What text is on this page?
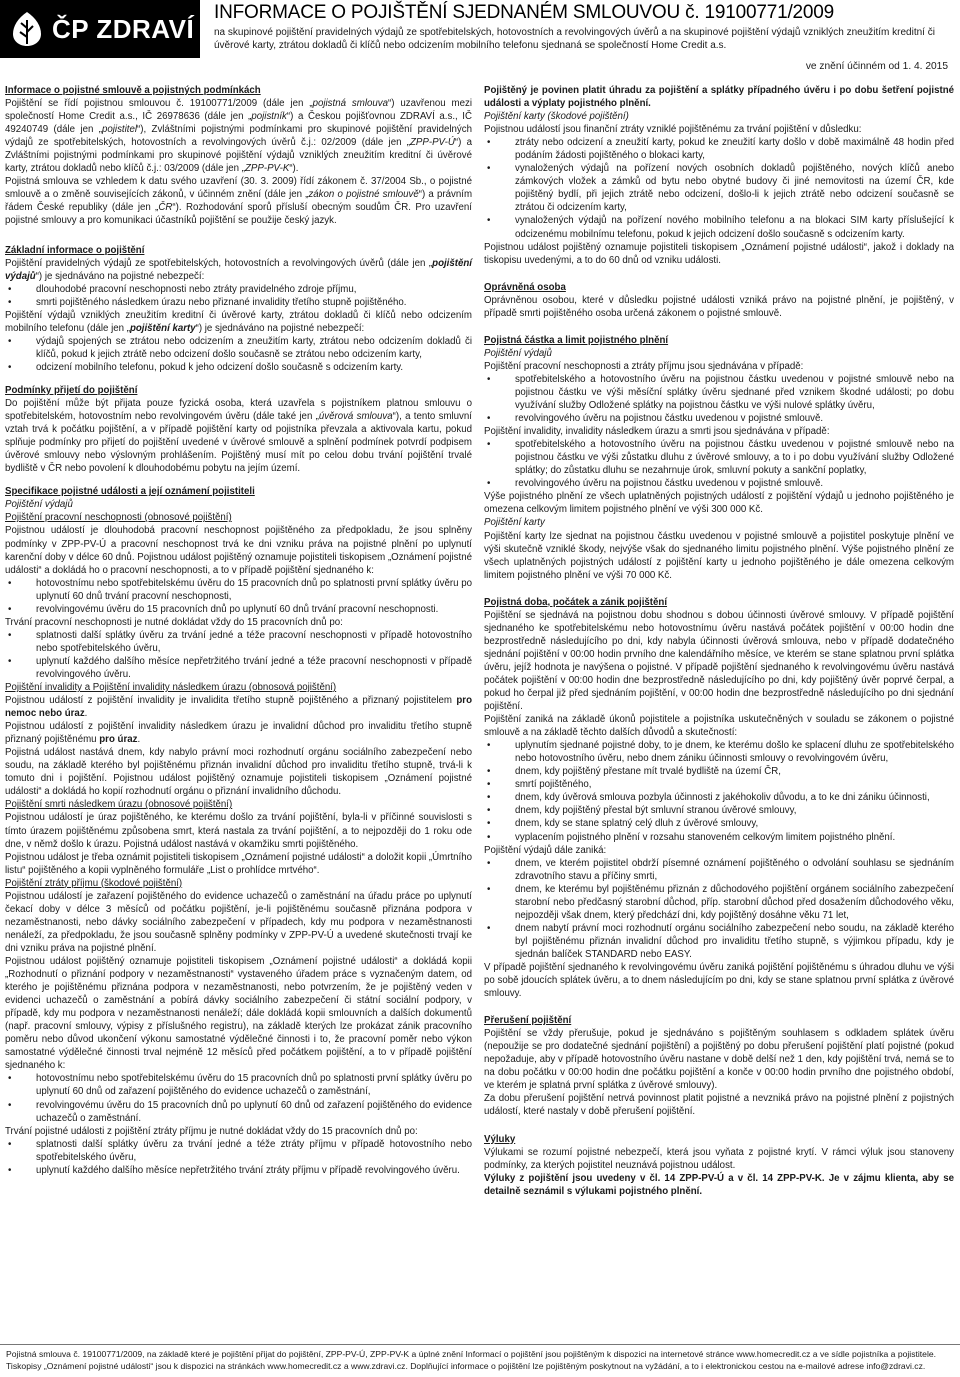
ČP ZDRAVÍ
INFORMACE O POJIŠTĚNÍ SJEDNANÉM SMLOUVOU č. 19100771/2009
na skupinové pojištění pravidelných výdajů ze spotřebitelských, hotovostních a revolvingových úvěrů a na skupinové pojištění výdajů vzniklých zneužitím kreditní či úvěrové karty, ztrátou dokladů či klíčů nebo odcizením mobilního telefonu sjednaná se společností Home Credit a.s.
ve znění účinném od 1. 4. 2015

Informace o pojistné smlouvě a pojistných podmínkách

Pojištění se řídí pojistnou smlouvou č. 19100771/2009 (dále jen „pojistná smlouva“) uzavřenou mezi společností Home Credit a.s., IČ 26978636 (dále jen „pojistník“) a Českou pojišťovnou ZDRAVÍ a.s., IČ 49240749 (dále jen „pojistitel“), Zvláštními pojistnými podmínkami pro skupinové pojištění pravidelných výdajů ze spotřebitelských, hotovostních a revolvingových úvěrů č.j.: 02/2009 (dále jen „ZPP-PV-Ú“) a Zvláštními pojistnými podmínkami pro skupinové pojištění výdajů vzniklých zneužitím kreditní či úvěrové karty, ztrátou dokladů nebo klíčů č.j.: 03/2009 (dále jen „ZPP-PV-K“).

Pojistná smlouva se vzhledem k datu svého uzavření (30. 3. 2009) řídí zákonem č. 37/2004 Sb., o pojistné smlouvě a o změně souvisejících zákonů, v účinném znění (dále jen „zákon o pojistné smlouvě“) a právním řádem České republiky (dále jen „ČR“). Rozhodování sporů přísluší obecným soudům ČR. Pro uzavření pojistné smlouvy a pro komunikaci účastníků pojištění se použije český jazyk.

Základní informace o pojištění

Pojištění pravidelných výdajů ze spotřebitelských, hotovostních a revolvingových úvěrů (dále jen „pojištění výdajů“) je sjednáváno na pojistné nebezpečí:

• dlouhodobé pracovní neschopnosti nebo ztráty pravidelného zdroje příjmu,
• smrti pojištěného následkem úrazu nebo přiznané invalidity třetího stupně pojištěného.

Pojištění výdajů vzniklých zneužitím kreditní či úvěrové karty, ztrátou dokladů či klíčů nebo odcizením mobilního telefonu (dále jen „pojištění karty“) je sjednáváno na pojistné nebezpečí:

• výdajů spojených se ztrátou nebo odcizením a zneužitím karty, ztrátou nebo odcizením dokladů či klíčů, pokud k jejich ztrátě nebo odcizení došlo současně se ztrátou nebo odcizením karty,
• odcizení mobilního telefonu, pokud k jeho odcizení došlo současně s odcizením karty.

Podmínky přijetí do pojištění

Do pojištění může být přijata pouze fyzická osoba, která uzavřela s pojistníkem platnou smlouvu o spotřebitelském, hotovostním nebo revolvingovém úvěru (dále také jen „úvěrová smlouva“), a tento smluvní vztah trvá k počátku pojištění, a v případě pojištění karty od pojistníka převzala a aktivovala kartu, pokud splňuje podmínky pro přijetí do pojištění uvedené v úvěrové smlouvě a splnění podmínek potvrdí podpisem úvěrové smlouvy nebo výslovným prohlášením. Pojištěný musí mít po celou dobu trvání pojištění trvalé bydliště v ČR nebo povolení k dlouhodobému pobytu na jejím území.

Specifikace pojistné události a její oznámení pojistiteli

Pojištění výdajů

Pojištění pracovní neschopnosti (obnosové pojištění)

Pojistnou událostí je dlouhodobá pracovní neschopnost pojištěného za předpokladu, že jsou splněny podmínky v ZPP-PV-Ú a pracovní neschopnost trvá ke dni vzniku práva na pojistné plnění po uplynutí karenční doby v délce 60 dnů. Pojistnou událost pojištěný oznamuje pojistiteli tiskopisem „Oznámení pojistné události“ a dokládá ho o pracovní neschopnosti, a to v případě pojištění sjednaného k:

• hotovostnímu nebo spotřebitelskému úvěru do 15 pracovních dnů po splatnosti první splátky úvěru po uplynutí 60 dnů trvání pracovní neschopnosti,
• revolvingovému úvěru do 15 pracovních dnů po uplynutí 60 dnů trvání pracovní neschopnosti.

Trvání pracovní neschopnosti je nutné dokládat vždy do 15 pracovních dnů po:

• splatnosti další splátky úvěru za trvání jedné a téže pracovní neschopnosti v případě hotovostního nebo spotřebitelského úvěru,
• uplynutí každého dalšího měsíce nepřetržitého trvání jedné a téže pracovní neschopnosti v případě revolvingového úvěru.

Pojištění invalidity a Pojištění invalidity následkem úrazu (obnosová pojištění)

Pojistnou událostí z pojištění invalidity je invalidita třetího stupně pojištěného a přiznaný pojistitelem pro nemoc nebo úraz.

Pojistnou událostí z pojištění invalidity následkem úrazu je invalidní důchod pro invaliditu třetího stupně přiznaný pojištěnému pro úraz.

Pojistná událost nastává dnem, kdy nabylo právní moci rozhodnutí orgánu sociálního zabezpečení nebo soudu, na základě kterého byl pojištěnému přiznán invalidní důchod pro invaliditu třetího stupně, trvá-li k tomuto dni i pojištění. Pojistnou událost pojištěný oznamuje pojistiteli tiskopisem „Oznámení pojistné události“ a dokládá ho kopií rozhodnutí orgánu o přiznání invalidního důchodu.

Pojištění smrti následkem úrazu (obnosové pojištění)

Pojistnou událostí je úraz pojištěného, ke kterému došlo za trvání pojištění, byla-li v příčinné souvislosti s tímto úrazem pojištěnému způsobena smrt, která nastala za trvání pojištění, a to nejpozději do 1 roku ode dne, v němž došlo k úrazu. Pojistná událost nastává v okamžiku smrti pojištěného.

Pojistnou událost je třeba oznámit pojistiteli tiskopisem „Oznámení pojistné události“ a doložit kopii „Úmrtního listu“ pojištěného a kopii vyplněného formuláře „List o prohlídce mrtvého“.

Pojištění ztráty příjmu (škodové pojištění)

Pojistnou událostí je zařazení pojištěného do evidence uchazečů o zaměstnání na úřadu práce po uplynutí čekací doby v délce 3 měsíců od počátku pojištění, je-li pojištěnému současně přiznána podpora v nezaměstnanosti, nebo dávky sociálního zabezpečení v případech, kdy mu podpora v nezaměstnanosti nenáleží, za předpokladu, že jsou současně splněny podmínky v ZPP-PV-Ú a uvedené skutečnosti trvají ke dni vzniku práva na pojistné plnění.

Pojistnou událost pojištěný oznamuje pojistiteli tiskopisem „Oznámení pojistné události“ a dokládá kopii „Rozhodnutí o přiznání podpory v nezaměstnanosti“ vystaveného úřadem práce s vyznačeným datem, od kterého je pojištěnému přiznána podpora v nezaměstnanosti, nebo potvrzením, že je pojištěný veden v evidenci uchazečů o zaměstnání a pobírá dávky sociálního zabezpečení či státní sociální podpory, v případě, kdy mu podpora v nezaměstnanosti nenáleží; dále dokládá kopii smlouvních a dalších dokumentů (např. pracovní smlouvy, výpisy z příslušného registru), na základě kterých lze prokázat zánik pracovního poměru nebo důvod ukončení výkonu samostatné výdělečné činnosti i to, že pracovní poměr nebo výkon samostatné výdělečné činnosti trval nejméně 12 měsíců před počátkem pojištění, a to v případě pojištění sjednaného k:

• hotovostnímu nebo spotřebitelskému úvěru do 15 pracovních dnů po splatnosti první splátky úvěru po uplynutí 60 dnů od zařazení pojištěného do evidence uchazečů o zaměstnání,
• revolvingovému úvěru do 15 pracovních dnů po uplynutí 60 dnů od zařazení pojištěného do evidence uchazečů o zaměstnání.

Trvání pojistné události z pojištění ztráty příjmu je nutné dokládat vždy do 15 pracovních dnů po:

• splatnosti další splátky úvěru za trvání jedné a téže ztráty příjmu v případě hotovostního nebo spotřebitelského úvěru,
• uplynutí každého dalšího měsíce nepřetržitého trvání ztráty příjmu v případě revolvingového úvěru.

Pojištěný je povinen platit úhradu za pojištění a splátky případného úvěru i po dobu šetření pojistné události a výplaty pojistného plnění.

Pojištění karty (škodové pojištění)

Pojistnou událostí jsou finanční ztráty vzniklé pojištěnému za trvání pojištění v důsledku:

• ztráty nebo odcizení a zneužití karty, pokud ke zneužití karty došlo v době maximálně 48 hodin před podáním žádosti pojištěného o blokaci karty,
• vynaložených výdajů na pořízení nových osobních dokladů pojištěného, nových klíčů anebo zámkových vložek a zámků od bytu nebo obytné budovy či jiné nemovitosti na území ČR, kde pojištěný bydlí, při jejich ztrátě nebo odcizení, došlo-li k jejich ztrátě nebo odcizení současně se ztrátou či odcizením karty,
• vynaložených výdajů na pořízení nového mobilního telefonu a na blokaci SIM karty příslušející k odcizenému mobilnímu telefonu, pokud k jejich odcizení došlo současně s odcizením karty.

Pojistnou událost pojištěný oznamuje pojistiteli tiskopisem „Oznámení pojistné události“, jakož i doklady na tiskopisu uvedenými, a to do 60 dnů od vzniku události.

Oprávněná osoba

Oprávněnou osobou, které v důsledku pojistné události vzniká právo na pojistné plnění, je pojištěný, v případě smrti pojištěného osoba určená zákonem o pojistné smlouvě.

Pojistná částka a limit pojistného plnění

Pojištění výdajů

Pojištění pracovní neschopnosti a ztráty příjmu jsou sjednávána v případě:

• spotřebitelského a hotovostního úvěru na pojistnou částku uvedenou v pojistné smlouvě nebo na pojistnou částku ve výši měsíční splátky úvěru sjednané před vznikem škodné události; po dobu využívání služby Odložené splátky na pojistnou částku ve výši nulové splátky úvěru,
• revolvingového úvěru na pojistnou částku uvedenou v pojistné smlouvě.

Pojištění invalidity, invalidity následkem úrazu a smrti jsou sjednávána v případě:

• spotřebitelského a hotovostního úvěru na pojistnou částku uvedenou v pojistné smlouvě nebo na pojistnou částku ve výši zůstatku dluhu z úvěrové smlouvy, a to i po dobu využívání služby Odložené splátky; do zůstatku dluhu se nezahrnuje úrok, smluvní pokuty a sankční poplatky,
• revolvingového úvěru na pojistnou částku uvedenou v pojistné smlouvě.

Výše pojistného plnění ze všech uplatněných pojistných událostí z pojištění výdajů u jednoho pojištěného je omezena celkovým limitem pojistného plnění ve výši 300 000 Kč.

Pojištění karty

Pojištění karty lze sjednat na pojistnou částku uvedenou v pojistné smlouvě a pojistitel poskytuje plnění ve výši skutečně vzniklé škody, nejvýše však do sjednaného limitu pojistného plnění. Výše pojistného plnění ze všech uplatněných pojistných událostí z pojištění karty u jednoho pojištěného je dále omezena celkovým limitem pojistného plnění ve výši 70 000 Kč.

Pojistná doba, počátek a zánik pojištění

Pojištění se sjednává na pojistnou dobu shodnou s dobou účinnosti úvěrové smlouvy. V případě pojištění sjednaného ke spotřebitelskému nebo hotovostnímu úvěru nastává počátek pojištění v 00:00 hodin dne bezprostředně následujícího po dni, kdy nabyla účinnosti úvěrová smlouva, nebo v případě dodatečného sjednání pojištění v 00:00 hodin prvního dne kalendářního měsíce, ve kterém se stane splatnou první splátka úvěru, jejíž hodnota je navýšena o pojistné. V případě pojištění sjednaného k revolvingovému úvěru nastává počátek pojištění v 00:00 hodin dne bezprostředně následujícího po dni, kdy pojištěný úvěr poprvé čerpal, a pokud ho čerpal již před sjednáním pojištění, v 00:00 hodin dne bezprostředně následujícího po dni sjednání pojištění.

Pojištění zaniká na základě úkonů pojistitele a pojistníka uskutečněných v souladu se zákonem o pojistné smlouvě a na základě těchto dalších důvodů a skutečností:

• uplynutím sjednané pojistné doby, to je dnem, ke kterému došlo ke splacení dluhu ze spotřebitelského nebo hotovostního úvěru, nebo dnem zániku účinnosti smlouvy o revolvingovém úvěru,
• dnem, kdy pojištěný přestane mít trvalé bydliště na území ČR,
• smrtí pojištěného,
• dnem, kdy úvěrová smlouva pozbyla účinnosti z jakéhokoliv důvodu, a to ke dni zániku účinnosti,
• dnem, kdy pojištěný přestal být smluvní stranou úvěrové smlouvy,
• dnem, kdy se stane splatný celý dluh z úvěrové smlouvy,
• vyplacením pojistného plnění v rozsahu stanoveném celkovým limitem pojistného plnění.

Pojištění výdajů dále zaniká:

• dnem, ve kterém pojistitel obdrží písemné oznámení pojištěného o odvolání souhlasu se sjednáním zdravotního stavu a příčiny smrti,
• dnem, ke kterému byl pojištěnému přiznán z důchodového pojištění orgánem sociálního zabezpečení starobní nebo předčasný starobní důchod, příp. starobní důchod před dosažením důchodového věku, nejpozději však dnem, který předchází dni, kdy pojištěný dosáhne věku 71 let,
• dnem nabytí právní moci rozhodnutí orgánu sociálního zabezpečení nebo soudu, na základě kterého byl pojištěnému přiznán invalidní důchod pro invaliditu třetího stupně, s výjimkou případu, kdy je sjednán balíček STANDARD nebo EASY.

V případě pojištění sjednaného k revolvingovému úvěru zaniká pojištění pojištěnému s úhradou dluhu ve výši po sobě jdoucích splátek úvěru, a to dnem následujícím po dni, kdy se stane splatnou první splátka z úvěrové smlouvy.

Přerušení pojištění

Pojištění se vždy přerušuje, pokud je sjednáváno s pojištěným souhlasem s odkladem splátek úvěru (nepoužije se pro dodatečné sjednání pojištění) a pojištěný po dobu přerušení pojištění platí pojistné (pokud nepožaduje, aby v případě hotovostního úvěru nastane v době delší než 1 den, kdy pojištění trvá, nemá se to na dobu počátku v 00:00 hodin dne počátku pojištění a konče v 00:00 hodin prvního dne pojistného období, ve kterém je splatná první splátka z úvěrové smlouvy).

Za dobu přerušení pojištění netrvá povinnost platit pojistné a nevzniká právo na pojistné plnění z pojistných událostí, které nastaly v době přerušení pojištění.

Výluky

Výlukami se rozumí pojistné nebezpečí, která jsou vyňata z pojistné krytí. V rámci výluk jsou stanoveny podmínky, za kterých pojistitel neuznává pojistnou událost.

Výluky z pojištění jsou uvedeny v čl. 14 ZPP-PV-Ú a v čl. 14 ZPP-PV-K. Je v zájmu klienta, aby se detailně seznámil s výlukami pojistného plnění.

Pojistná smlouva č. 19100771/2009, na základě které je pojištění přijat do pojištění, ZPP-PV-Ú, ZPP-PV-K a úplné znění Informací o pojištění jsou pojištěným k dispozici na internetové stránce www.homecredit.cz a ve sídle pojistníka a pojistitele. Tiskopisy „Oznámení pojistné události“ jsou k dispozici na stránkách www.homecredit.cz a www.zdravi.cz. Doplňující informace o pojištění lze pojištěným poskytnout na vyžádání, a to i elektronickou cestou na e-mailové adrese info@zdravi.cz.
